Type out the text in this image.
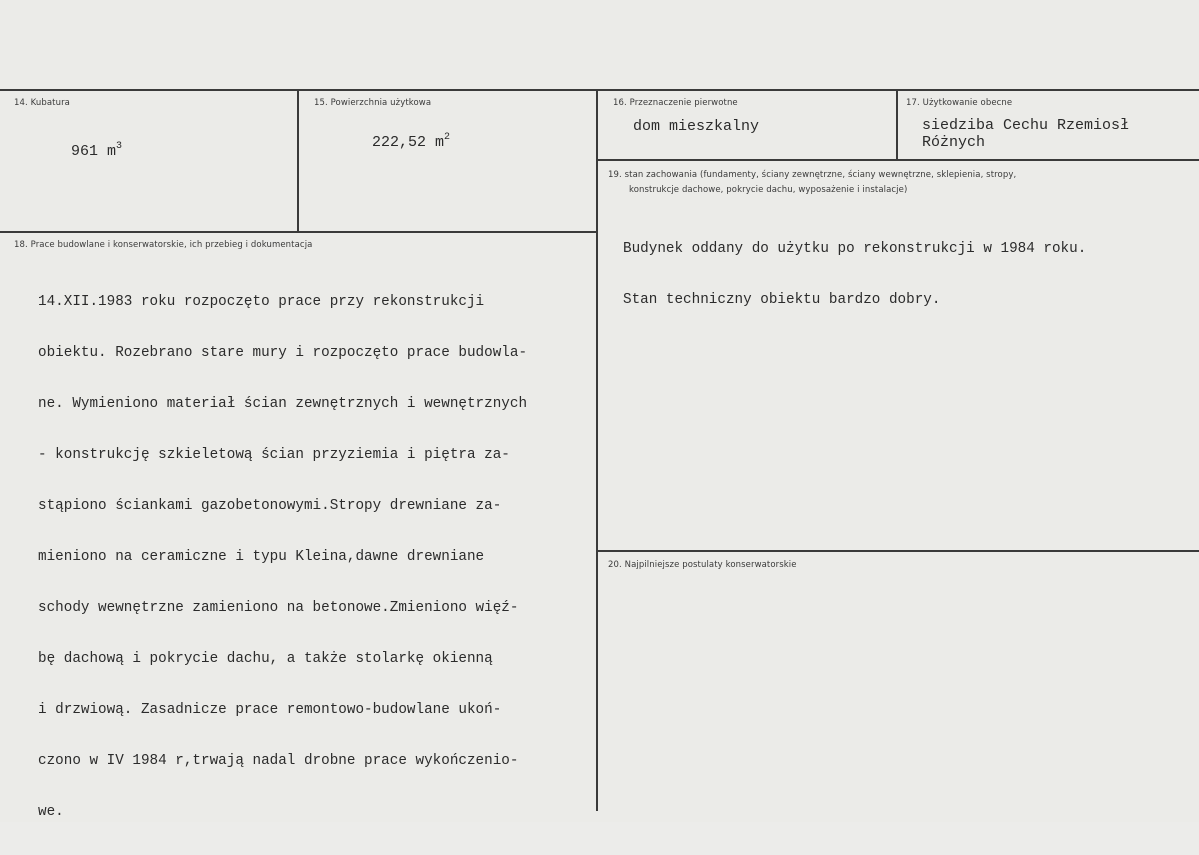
14. Kubatura

961 $m^3$

15. Powierzchnia użytkowa

222,52 $m^2$

16. Przeznaczenie pierwotne
dom mieszkalny
17. Użytkowanie obecne
siedziba Cechu Rzemiosł
Różnych
18. Prace budowlane i konserwatorskie, ich przebieg i dokumentacja

14.XII.1983 roku rozpoczęto prace przy rekonstrukcji

obiektu. Rozebrano stare mury i rozpoczęto prace budowla-

ne. Wymieniono materiał ścian zewnętrznych i wewnętrznych

- konstrukcję szkieletową ścian przyziemia i piętra za-

stąpiono ściankami gazobetonowymi.Stropy drewniane za-

mieniono na ceramiczne i typu Kleina,dawne drewniane

schody wewnętrzne zamieniono na betonowe.Zmieniono więź-

bę dachową i pokrycie dachu, a także stolarkę okienną

i drzwiową. Zasadnicze prace remontowo-budowlane ukoń-

czono w IV 1984 r,trwają nadal drobne prace wykończenio-

we.

19. stan zachowania (fundamenty, ściany zewnętrzne, ściany wewnętrzne, sklepienia, stropy,
konstrukcje dachowe, pokrycie dachu, wyposażenie i instalacje)

Budynek oddany do użytku po rekonstrukcji w 1984 roku.

Stan techniczny obiektu bardzo dobry.

20. Najpilniejsze postulaty konserwatorskie
